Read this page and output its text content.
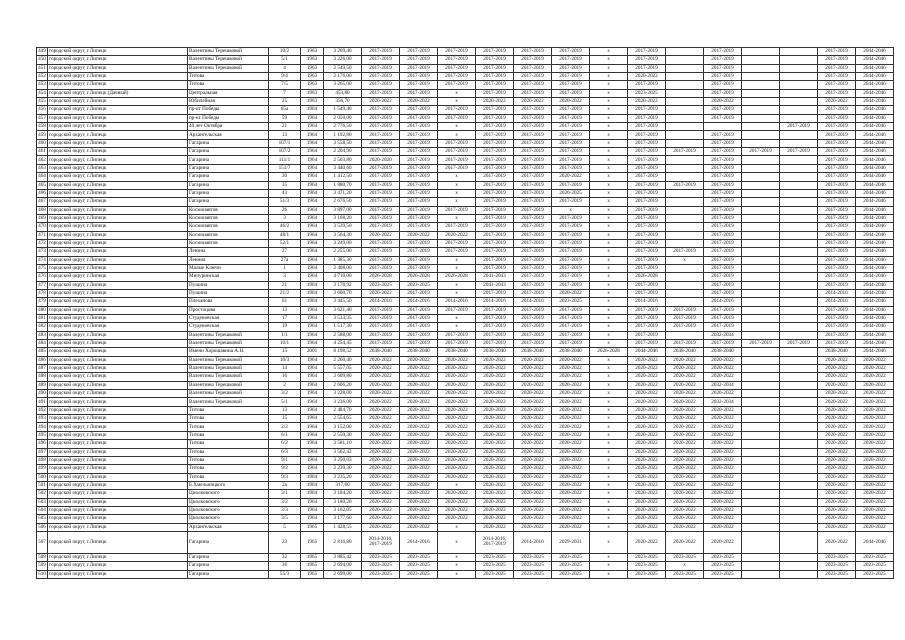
449	городской округ, г.Липецк	Валентины Терешковой	10/2	1963	3 209,40	2017-2019	2017-2019	2017-2019	2017-2019	2017-2019	2017-2019	х	2017-2019		2017-2019			2017-2019	2044-2046
450	городской округ, г.Липецк	Валентины Терешковой	5/1	1963	3 226,00	2017-2019	2017-2019	2017-2019	2017-2019	2017-2019	2017-2019	х	2017-2019		2017-2019			2017-2019	2044-2046
451	городской округ, г.Липецк	Валентины Терешковой	4	1963	2 549,50	2017-2019	2017-2019	2017-2019	2017-2019	2017-2019	2017-2019	х	2017-2019		2017-2019			2017-2019	2044-2046
452	городской округ, г.Липецк	Титова	9/4	1963	2 176,00	2017-2019	2017-2019	2017-2019	2017-2019	2017-2019	2017-2019	х	2020-2022		2017-2019			2017-2019	2044-2046
453	городской округ, г.Липецк	Титова	7/5	1963	3 265,00	2017-2019	2017-2019	2017-2019	2017-2019	2017-2019	2017-2019	х	2017-2019		2017-2019			2017-2019	2044-2046
454	городской округ, г.Липецк (Дачный)	Центральная	7	1963	453,80	2017-2019	2017-2019	х	2017-2019	2017-2019	2017-2019	х	2023-2025		2017-2019			2017-2019	2044-2046
455	городской округ, г.Липецк	Юбилейная	25	1963	356,70	2020-2022	2020-2022	х	2020-2022	2020-2022	2020-2022	х	2020-2022		2020-2022			2020-2022	2044-2046
456	городской округ, г.Липецк	пр-кт Победы	65а	1964	1 549,40	2017-2019	2017-2019	2017-2019	2017-2019	2017-2019	2017-2019	х	2017-2019		2017-2019			2017-2019	2044-2046
457	городской округ, г.Липецк	пр-кт Победы	59	1964	2 050,00	2017-2019	2017-2019	2017-2019	2017-2019	2017-2019	2017-2019	х	2017-2019		2017-2019			2017-2019	2044-2046
458	городской округ, г.Липецк	40 лет Октября	21	1964	2 776,50	2017-2019	2017-2019	х	2017-2019	2017-2019	2017-2019	х	2017-2019				2017-2019	2017-2019	2044-2046
459	городской округ, г.Липецк	Архангельская	13	1964	1 192,80	2017-2019	2017-2019	х	2017-2019	2017-2019	2017-2019	х	2017-2019		2017-2019			2017-2019	2044-2046
460	городской округ, г.Липецк	Гагарина	107/1	1964	3 558,50	2017-2019	2017-2019	2017-2019	2017-2019	2017-2019	2017-2019	х	2017-2019		2017-2019			2017-2019	2044-2046
461	городской округ, г.Липецк	Гагарина	107/2	1964	2 204,90	2017-2019	2017-2019	2017-2019	2017-2019	2017-2019	2017-2019	х	2017-2019	2017-2019	2017-2019	2017-2019	2017-2019	2017-2019	2044-2046
462	городской округ, г.Липецк	Гагарина	111/1	1964	2 503,80	2020-2020	2017-2019	2017-2019	2017-2019	2017-2019	2017-2019	х	2017-2019		2017-2019			2017-2019	2044-2046
463	городской округ, г.Липецк	Гагарина	151/7	1964	3 440,60	2017-2019	2017-2019	2017-2019	2017-2019	2017-2019	2017-2019	х	2017-2019		2017-2019			2017-2019	2044-2046
464	городской округ, г.Липецк	Гагарина	30	1964	1 412,50	2017-2019	2017-2019	х	2017-2019	2017-2019	2020-2022	х	2017-2019		2017-2019			2017-2019	2044-2046
465	городской округ, г.Липецк	Гагарина	35	1964	1 880,70	2017-2019	2017-2019	х	2017-2019	2017-2019	2017-2019	х	2017-2019	2017-2019	2017-2019			2017-2019	2044-2046
466	городской округ, г.Липецк	Гагарина	43	1964	3 471,20	2017-2019	2017-2019	х	2017-2019	2017-2019	2020-2025	х	2017-2019		2017-2019			2017-2019	2044-2046
467	городской округ, г.Липецк	Гагарина	51/3	1964	2 676,50	2017-2019	2017-2019	х	2017-2019	2017-2019	2017-2019	х	2017-2019		2017-2019			2017-2019	2044-2046
468	городской округ, г.Липецк	Космонавтов	26	1964	3 897,00	2017-2019	2017-2019	2017-2019	2017-2019	2017-2019	х	х	2017-2019		2017-2019			2017-2019	2044-2046
469	городской округ, г.Липецк	Космонавтов	3	1964	3 168,20	2017-2019	2017-2019	х	2017-2019	2017-2019	2017-2019	х	2017-2019		2017-2019			2017-2019	2044-2046
470	городской округ, г.Липецк	Космонавтов	46/2	1964	3 539,50	2017-2019	2017-2019	2017-2019	2017-2019	2017-2019	2017-2019	х	2017-2019		2017-2019			2017-2019	2044-2046
471	городской округ, г.Липецк	Космонавтов	48/1	1964	3 564,30	2020-2022	2020-2022	2020-2022	2017-2019	2017-2019	2017-2019	х	2017-2019		2017-2019			2017-2019	2044-2046
472	городской округ, г.Липецк	Космонавтов	52/1	1964	3 249,00	2017-2019	2017-2019	2017-2019	2017-2019	2017-2019	2017-2019	х	2017-2019		2017-2019			2017-2019	2044-2046
473	городской округ, г.Липецк	Ленина	27	1964	2 255,00	2017-2019	2017-2019	2017-2019	2017-2019	2017-2019	2017-2019	х	2017-2019	2017-2019	2017-2019			2017-2019	2044-2046
474	городской округ, г.Липецк	Ленина	27а	1964	1 385,30	2017-2019	2017-2019	х	2017-2019	2017-2019	2017-2019	х	2017-2019	х	2017-2019			2017-2019	2044-2046
475	городской округ, г.Липецк	Малые Ключи	1	1964	2 408,00	2017-2019	2017-2019	х	2017-2019	2017-2019	2017-2019	х	2017-2019		2017-2019			2017-2019	2044-2046
476	городской округ, г.Липецк	Мичуринская	3	1964	4 710,00	2026-2028	2026-2028	2026-2028	2041-2043	2017-2019	2017-2019	х	2026-2028		2017-2019			2017-2019	2044-2046
477	городской округ, г.Липецк	Пушина	21	1964	3 178,92	2023-2025	2023-2025	х	2041-2043	2017-2019	2017-2019	х	2017-2019		2017-2019			2017-2019	2044-2046
478	городской округ, г.Липецк	Пушина	21/2	1964	3 600,70	2020-2022	2017-2019	х	2017-2019	2017-2019	2020-2022	х	2017-2019		2017-2019			2014-2016	2044-2046
479	городской округ, г.Липецк	Плеханова	61	1964	3 445,50	2014-2016	2014-2016	2014-2016	2014-2016	2014-2016	2023-2025	х	2014-2016		2014-2016			2014-2016	2044-2046
480	городской округ, г.Липецк	Простоцова	13	1964	3 621,40	2017-2019	2017-2019	2017-2019	2017-2019	2017-2019	2017-2019	х	2017-2019	2017-2019	2017-2019			2017-2019	2044-2046
481	городской округ, г.Липецк	Студеновская	17	1964	3 533,35	2017-2019	2017-2019	х	2017-2019	2017-2019	2017-2019	х	2017-2019	2017-2019	2017-2019			2017-2019	2044-2046
482	городской округ, г.Липецк	Студеновская	19	1964	1 517,30	2017-2019	2017-2019	х	2017-2019	2017-2019	2017-2019	х	2017-2019	2017-2019	2017-2019			2017-2019	2044-2046
483	городской округ, г.Липецк	Валентины Терешковой	1/1	1964	2 588,00	2017-2019	2017-2019	2017-2019	2017-2019	2017-2019	2017-2019	х	2017-2019		2032-2034			2017-2019	2044-2046
484	городской округ, г.Липецк	Валентины Терешковой	10/1	1964	4 254,45	2017-2019	2017-2019	2017-2019	2017-2019	2017-2019	2017-2019	х	2017-2019	2017-2019	2017-2019	2017-2019	2017-2019	2017-2019	2044-2046
485	городской округ, г.Липецк	Имени Хорошавина А.Н.	15	2001	8 198,52	2038-2040	2038-2040	2038-2040	2038-2040	2038-2040	2038-2040	2026-2028	2044-2046	2038-2040	2038-2040			2038-2040	2044-2046
486	городской округ, г.Липецк	Валентины Терешковой	10/3	1964	2 260,40	2020-2022	2020-2022	2020-2022	2020-2022	2020-2022	2020-2022	х	2020-2022	2020-2022	2020-2022			2020-2022	2020-2022
487	городской округ, г.Липецк	Валентины Терешковой	14	1964	5 557,05	2020-2022	2020-2022	2020-2022	2020-2022	2020-2022	2020-2022	х	2020-2022	2020-2022	2020-2022			2020-2022	2020-2022
488	городской округ, г.Липецк	Валентины Терешковой	16	1964	3 609,80	2020-2022	2020-2022	2020-2022	2020-2022	2020-2022	2020-2022	х	2020-2022	2020-2022	2020-2022			2020-2022	2020-2022
489	городской округ, г.Липецк	Валентины Терешковой	2	1964	2 606,20	2020-2022	2020-2022	2020-2022	2020-2022	2020-2022	2020-2022	х	2020-2022	2020-2022	2032-2034			2020-2022	2020-2022
490	городской округ, г.Липецк	Валентины Терешковой	3/2	1964	3 228,00	2020-2022	2020-2022	2020-2022	2020-2022	2020-2022	2020-2022	х	2020-2022	2020-2022	2020-2022			2020-2022	2020-2022
491	городской округ, г.Липецк	Валентины Терешковой	5/1	1964	3 236,00	2020-2022	2020-2022	2020-2022	2020-2022	2020-2022	2020-2022	х	2020-2022	2020-2022	2032-2034			2020-2022	2020-2022
492	городской округ, г.Липецк	Титова	13	1964	2 484,70	2020-2022	2020-2022	2020-2022	2020-2022	2020-2022	2020-2022	х	2020-2022	2020-2022	2020-2022			2020-2022	2020-2022
493	городской округ, г.Липецк	Титова	15	1964	2 554,65	2020-2022	2020-2022	2020-2022	2020-2022	2020-2022	2020-2022	х	2020-2022	2020-2022	2020-2022			2020-2022	2020-2022
494	городской округ, г.Липецк	Титова	2/2	1964	3 152,00	2020-2022	2020-2022	2020-2022	2020-2022	2020-2022	2020-2022	х	2020-2022	2020-2022	2020-2022			2020-2022	2020-2022
495	городской округ, г.Липецк	Титова	6/1	1964	2 550,30	2020-2022	2020-2022	2020-2022	2020-2022	2020-2022	2020-2022	х	2020-2022	2020-2022	2020-2022			2020-2022	2020-2022
496	городской округ, г.Липецк	Титова	6/2	1964	3 581,10	2020-2022	2020-2022	2020-2022	2020-2022	2020-2022	2020-2022	х	2020-2022	2020-2022	2020-2022			2020-2022	2020-2022
497	городской округ, г.Липецк	Титова	6/3	1964	3 562,42	2020-2022	2020-2022	2020-2022	2020-2022	2020-2022	2020-2022	х	2020-2022	2020-2022	2020-2022			2020-2022	2020-2022
498	городской округ, г.Липецк	Титова	9/1	1964	3 250,03	2020-2022	2020-2022	2020-2022	2020-2022	2020-2022	2020-2022	х	2020-2022	2020-2022	2020-2022			2020-2022	2020-2022
499	городской округ, г.Липецк	Титова	9/2	1964	2 239,30	2020-2022	2020-2022	2020-2022	2020-2022	2020-2022	2020-2022	х	2020-2022	2020-2022	2020-2022			2020-2022	2020-2022
500	городской округ, г.Липецк	Титова	9/3	1964	3 235,20	2020-2022	2020-2022	2020-2022	2020-2022	2020-2022	2020-2022	х	2020-2022	2020-2022	2020-2022			2020-2022	2020-2022
501	городской округ, г.Липецк	Б.Хмельницкого	2а	1964	317,60	2020-2022	2020-2022	х	2020-2022	2020-2022	2020-2022	х	2020-2022	2020-2022	2020-2022			2020-2022	2020-2022
502	городской округ, г.Липецк	Циолковского	3/1	1964	3 184,20	2020-2022	2020-2022	2020-2022	2020-2022	2020-2022	2020-2022	х	2020-2022	2020-2022	2020-2022			2020-2022	2020-2022
503	городской округ, г.Липецк	Циолковского	3/2	1964	3 180,20	2020-2022	2020-2022	2020-2022	2020-2022	2020-2022	2020-2022	х	2020-2022	2020-2022	2020-2022			2020-2022	2020-2022
504	городской округ, г.Липецк	Циолковского	3/3	1964	3 162,05	2020-2022	2020-2022	2020-2022	2020-2022	2020-2022	2020-2022	х	2020-2022	2020-2022	2020-2022			2020-2022	2020-2022
505	городской округ, г.Липецк	Циолковского	3/5	1964	3 177,60	2020-2022	2020-2022	2020-2022	2020-2022	2020-2022	2020-2022	х	2020-2022	2020-2022	2020-2022			2020-2022	2020-2022
506	городской округ, г.Липецк	Архангельская	5	1965	1 428,55	2020-2022	2020-2022	х	2020-2022	2020-2022	2020-2022	х	2020-2022	2020-2022	2020-2022			2020-2022	2020-2022
507	городской округ, г.Липецк	Гагарина	23	1965	2 816,80	2014-2016, 2017-2019	2014-2016	х	2014-2016, 2017-2019	2014-2016	2029-2031	х	2020-2022	2020-2022	2020-2022			2020-2022	2044-2046
508	городской округ, г.Липецк	Гагарина	32	1965	3 885,42	2023-2025	2023-2025	х	2023-2025	2023-2025	2023-2025	х	2023-2025	2023-2025	2023-2025			2023-2025	2023-2025
509	городской округ, г.Липецк	Гагарина	36	1965	2 694,00	2023-2025	2023-2025	х	2023-2025	2023-2025	2023-2025	х	2023-2025	х	2023-2025			2023-2025	2023-2025
510	городской округ, г.Липецк	Гагарина	55/3	1965	2 699,00	2023-2025	2023-2025	х	2023-2025	2023-2025	2023-2025	х	2023-2025	2023-2025	2023-2025			2023-2025	2023-2025
